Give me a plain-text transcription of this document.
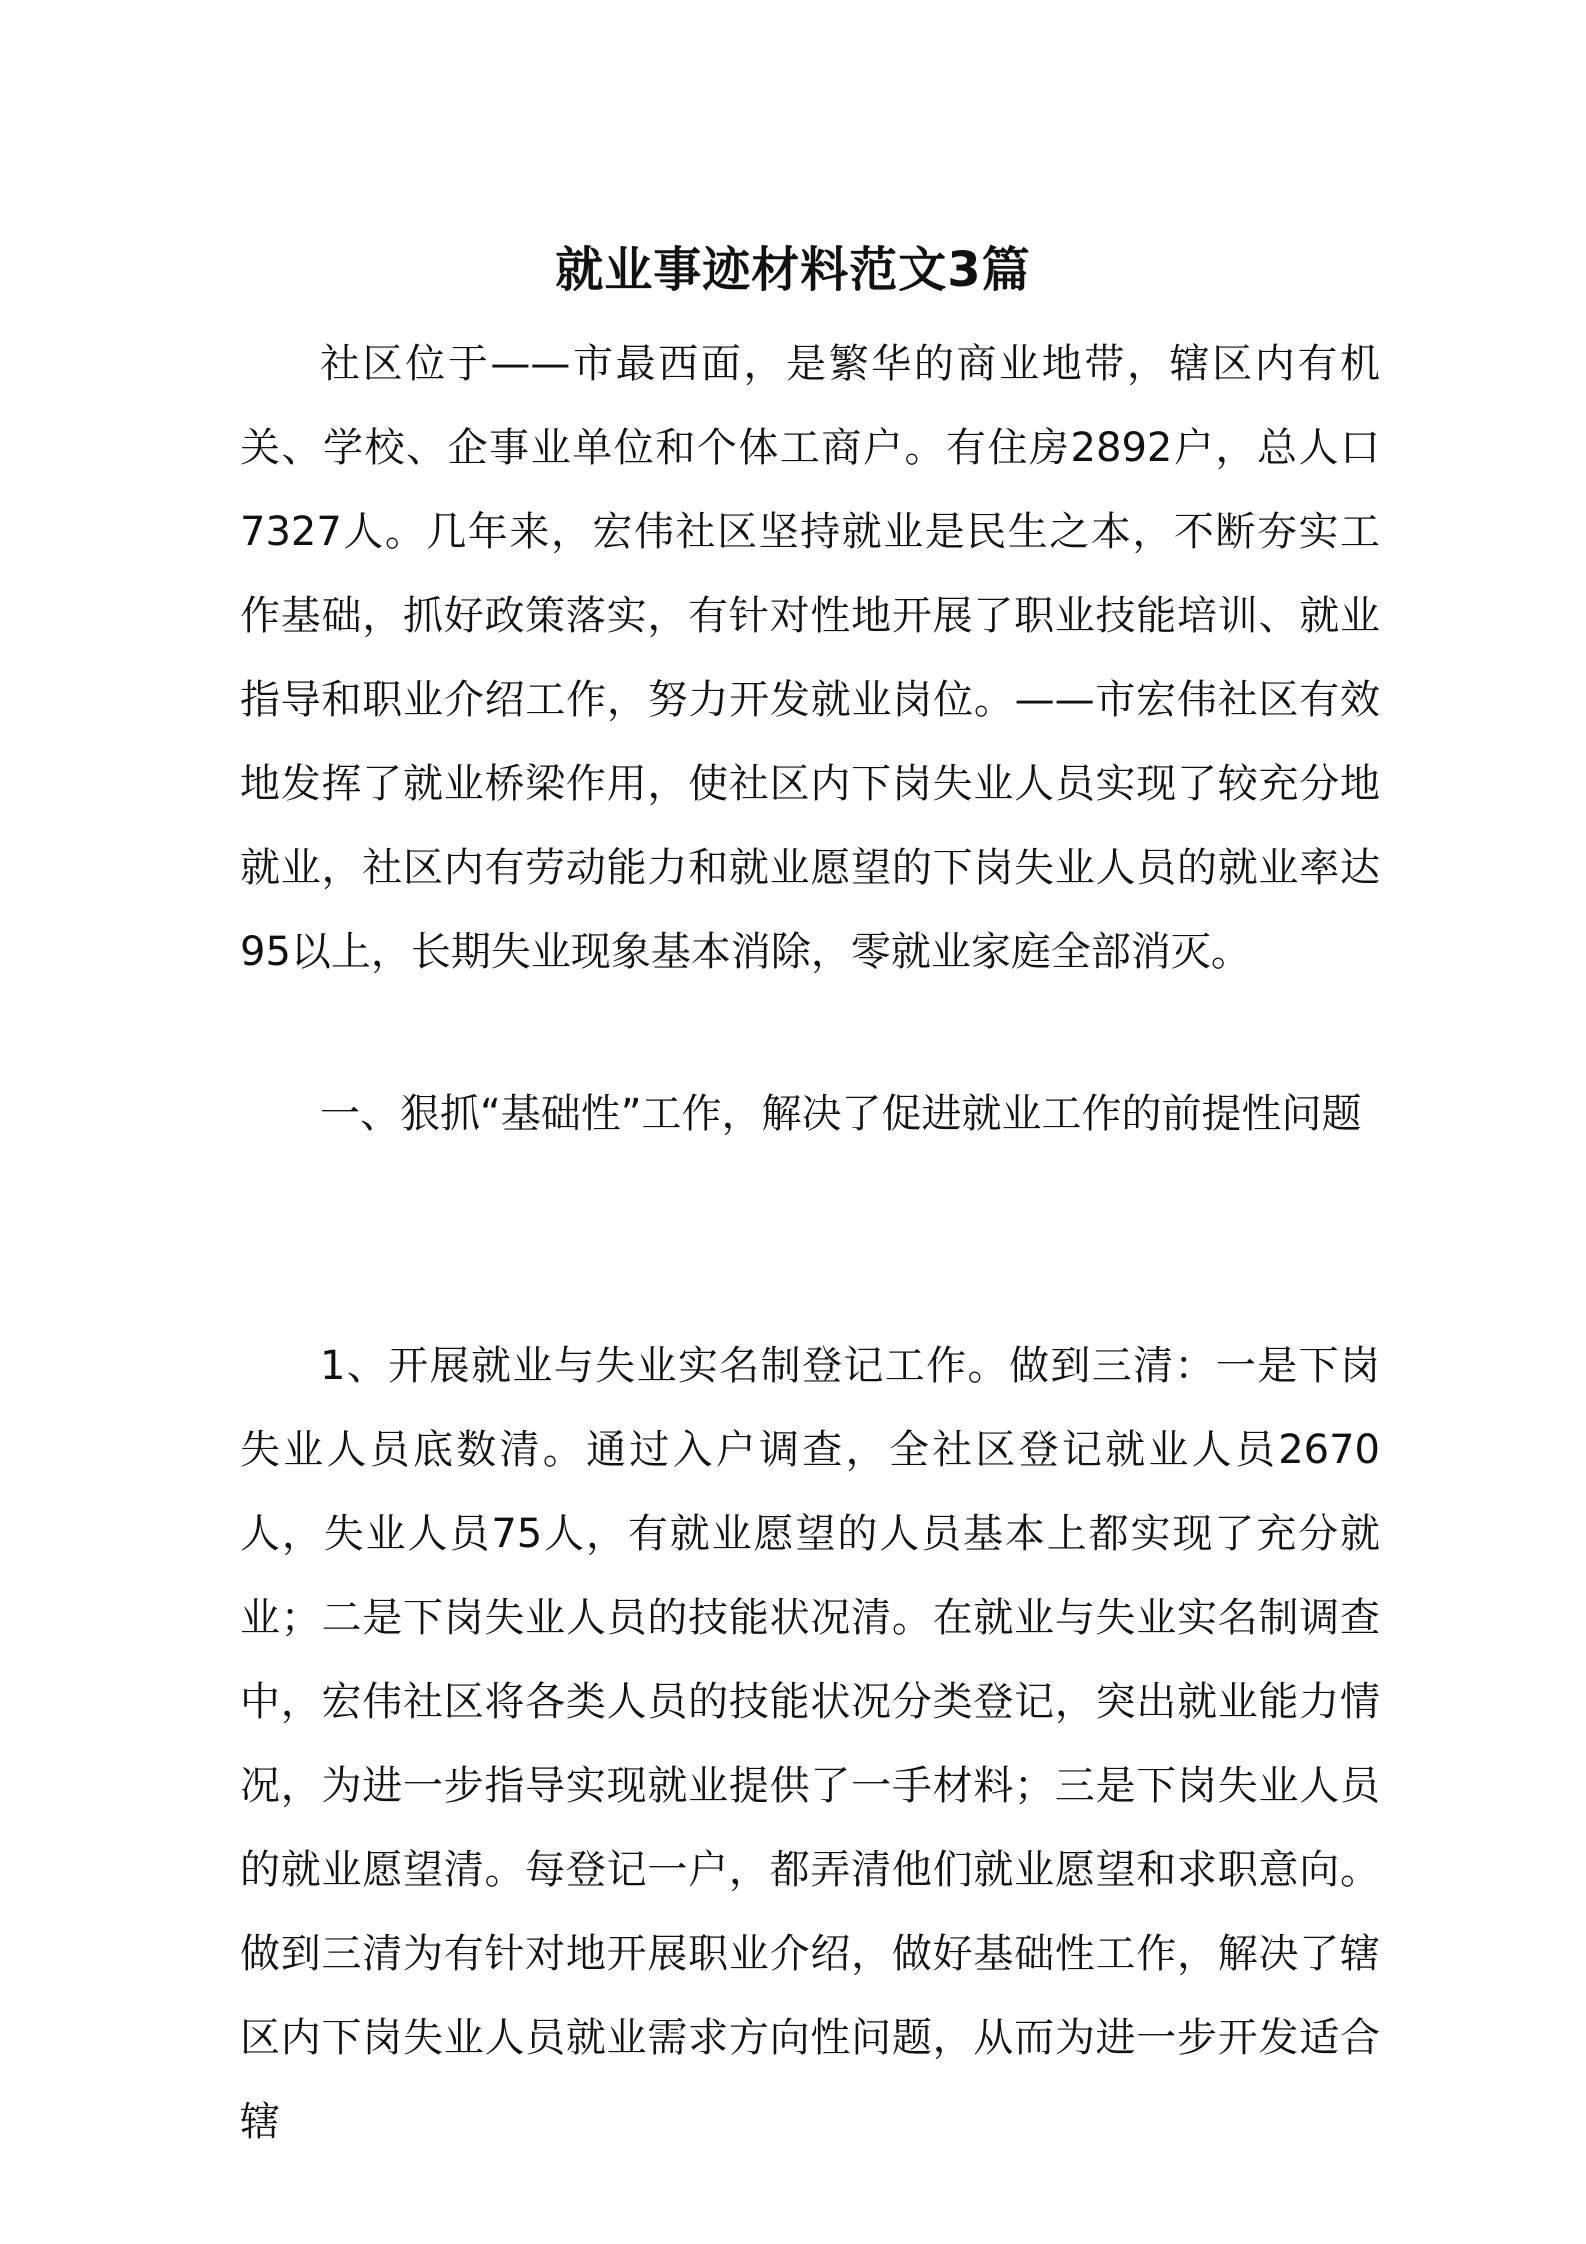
就业事迹材料范文3篇

社区位于——市最西面，是繁华的商业地带，辖区内有机关、学校、企事业单位和个体工商户。有住房2892户，总人口7327人。几年来，宏伟社区坚持就业是民生之本，不断夯实工作基础，抓好政策落实，有针对性地开展了职业技能培训、就业指导和职业介绍工作，努力开发就业岗位。——市宏伟社区有效地发挥了就业桥梁作用，使社区内下岗失业人员实现了较充分地就业，社区内有劳动能力和就业愿望的下岗失业人员的就业率达95以上，长期失业现象基本消除，零就业家庭全部消灭。

一、狠抓“基础性”工作，解决了促进就业工作的前提性问题

1、开展就业与失业实名制登记工作。做到三清：一是下岗失业人员底数清。通过入户调查，全社区登记就业人员2670人，失业人员75人，有就业愿望的人员基本上都实现了充分就业；二是下岗失业人员的技能状况清。在就业与失业实名制调查中，宏伟社区将各类人员的技能状况分类登记，突出就业能力情况，为进一步指导实现就业提供了一手材料；三是下岗失业人员的就业愿望清。每登记一户，都弄清他们就业愿望和求职意向。 做到三清为有针对地开展职业介绍，做好基础性工作，解决了辖区内下岗失业人员就业需求方向性问题，从而为进一步开发适合辖
